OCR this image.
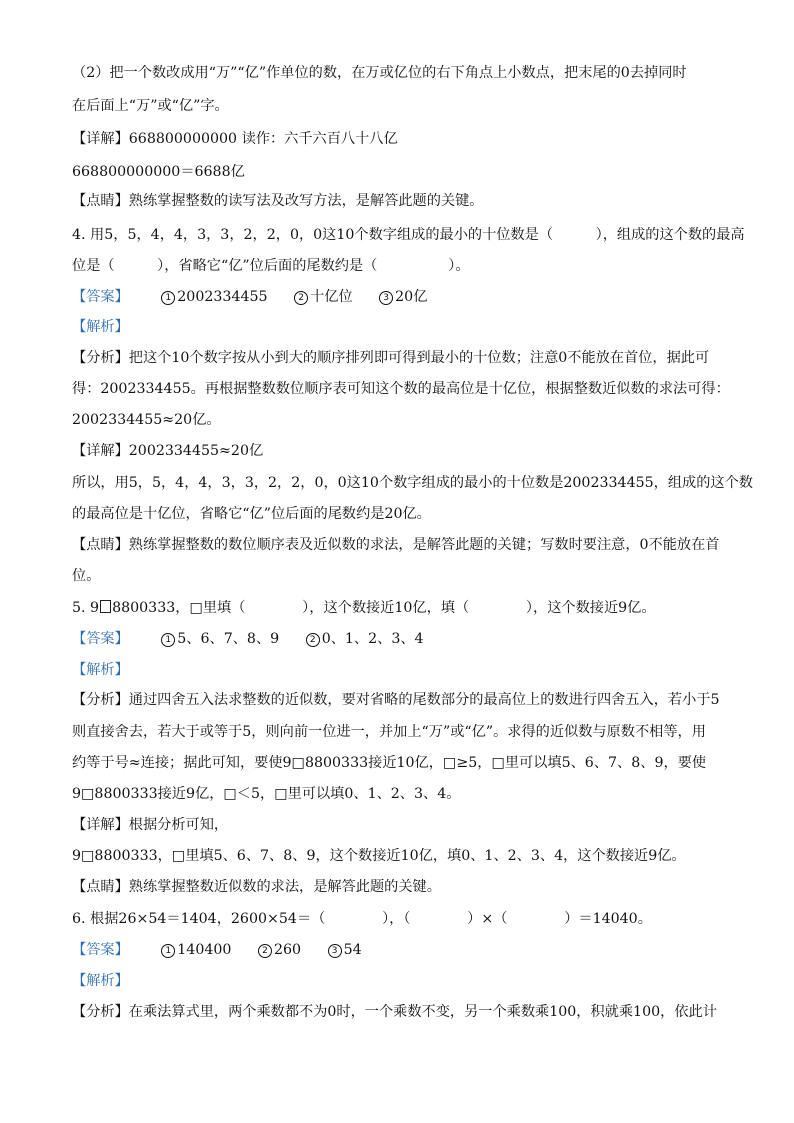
（2）把一个数改成用“万”“亿”作单位的数，在万或亿位的右下角点上小数点，把末尾的0去掉同时
在后面上“万”或“亿”字。
【详解】668800000000 读作：六千六百八十八亿
668800000000＝6688亿
【点睛】熟练掌握整数的读写法及改写方法，是解答此题的关键。
4. 用5，5，4，4，3，3，2，2，0，0这10个数字组成的最小的十位数是（　　　），组成的这个数的最高
位是（　　　），省略它“亿”位后面的尾数约是（　　　　　）。
【答案】	1 2002334455	2 十亿位	3 20亿
【解析】
【分析】把这个10个数字按从小到大的顺序排列即可得到最小的十位数；注意0不能放在首位，据此可
得：2002334455。再根据整数数位顺序表可知这个数的最高位是十亿位，根据整数近似数的求法可得：
2002334455≈20亿。
【详解】2002334455≈20亿
所以，用5，5，4，4，3，3，2，2，0，0这10个数字组成的最小的十位数是2002334455，组成的这个数
的最高位是十亿位，省略它“亿”位后面的尾数约是20亿。
【点睛】熟练掌握整数的数位顺序表及近似数的求法，是解答此题的关键；写数时要注意，0不能放在首
位。
5. 9 8800333，□里填（　　　　），这个数接近10亿，填（　　　　），这个数接近9亿。
【答案】	1 5、6、7、8、9	2 0、1、2、3、4
【解析】
【分析】通过四舍五入法求整数的近似数，要对省略的尾数部分的最高位上的数进行四舍五入，若小于5
则直接舍去，若大于或等于5，则向前一位进一，并加上“万”或“亿”。求得的近似数与原数不相等，用
约等于号≈连接；据此可知，要使9□8800333接近10亿，□≥5，□里可以填5、6、7、8、9，要使
9□8800333接近9亿，□＜5，□里可以填0、1、2、3、4。
【详解】根据分析可知，
9□8800333，□里填5、6、7、8、9，这个数接近10亿，填0、1、2、3、4，这个数接近9亿。
【点睛】熟练掌握整数近似数的求法，是解答此题的关键。
6. 根据26×54＝1404，2600×54＝（　　　　），（　　　　）×（　　　　）＝14040。
【答案】	1 140400	2 260	3 54
【解析】
【分析】在乘法算式里，两个乘数都不为0时，一个乘数不变，另一个乘数乘100，积就乘100，依此计
